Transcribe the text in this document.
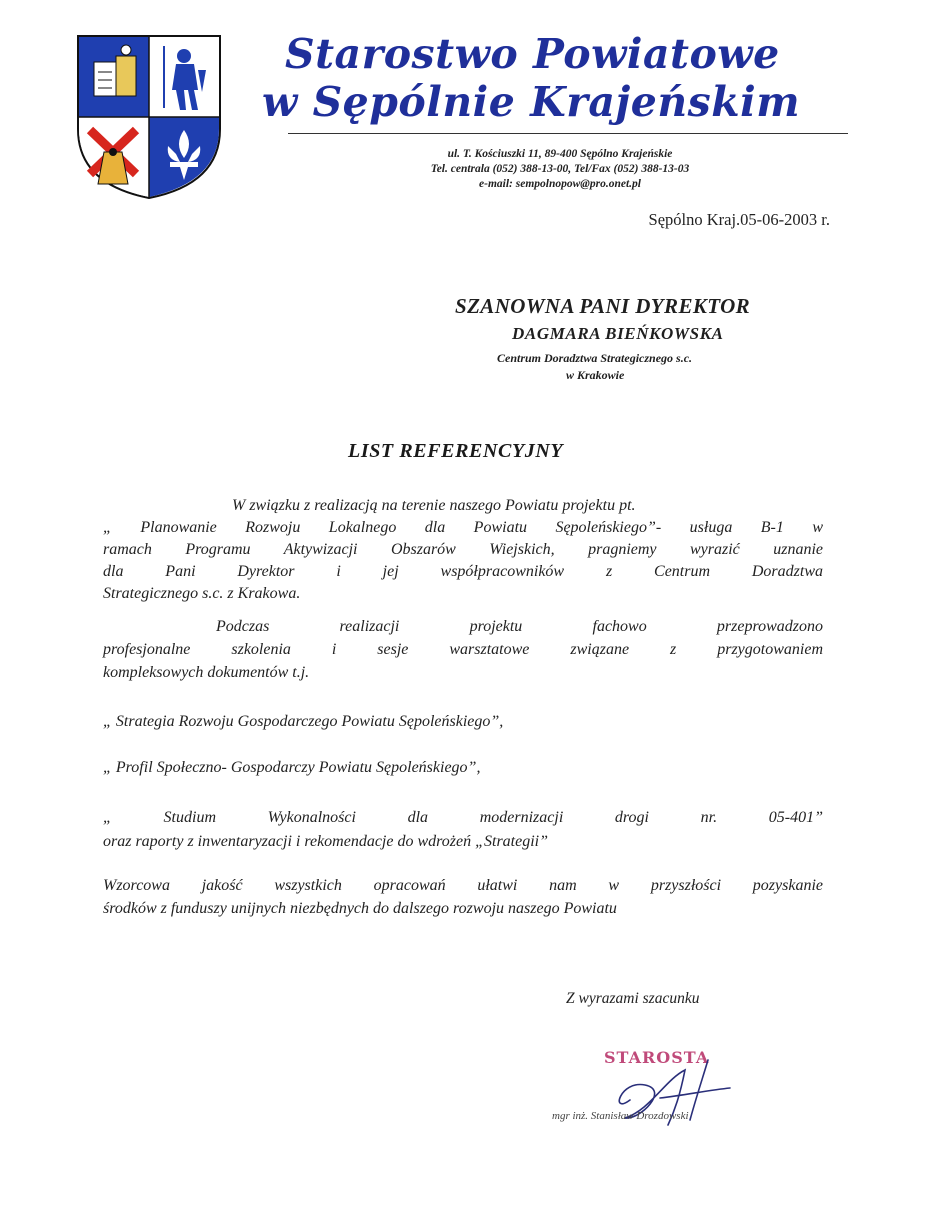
Starostwo Powiatowe
w Sępólnie Krajeńskim

ul. T. Kościuszki 11, 89-400 Sępólno Krajeńskie

Tel. centrala (052) 388-13-00, Tel/Fax (052) 388-13-03

e-mail: sempolnopow@pro.onet.pl

Sępólno Kraj.05-06-2003 r.

SZANOWNA PANI DYREKTOR

DAGMARA BIEŃKOWSKA

Centrum Doradztwa Strategicznego s.c.

w Krakowie

LIST REFERENCYJNY

W związku z realizacją na terenie naszego Powiatu projektu pt.

„ Planowanie Rozwoju Lokalnego dla Powiatu Sępoleńskiego”- usługa B-1 w

ramach Programu Aktywizacji Obszarów Wiejskich, pragniemy wyrazić uznanie

dla Pani Dyrektor i jej współpracowników z Centrum Doradztwa

Strategicznego s.c. z Krakowa.

Podczas realizacji projektu fachowo przeprowadzono

profesjonalne szkolenia i sesje warsztatowe związane z przygotowaniem

kompleksowych dokumentów t.j.

„ Strategia Rozwoju Gospodarczego Powiatu Sępoleńskiego”,

„ Profil Społeczno- Gospodarczy Powiatu Sępoleńskiego”,

„ Studium Wykonalności dla modernizacji drogi nr. 05-401”

oraz raporty z inwentaryzacji i rekomendacje do wdrożeń „Strategii”

Wzorcowa jakość wszystkich opracowań ułatwi nam w przyszłości pozyskanie

środków z funduszy unijnych niezbędnych do dalszego rozwoju naszego Powiatu

Z wyrazami szacunku

STAROSTA

mgr inż. Stanisław Drozdowski
